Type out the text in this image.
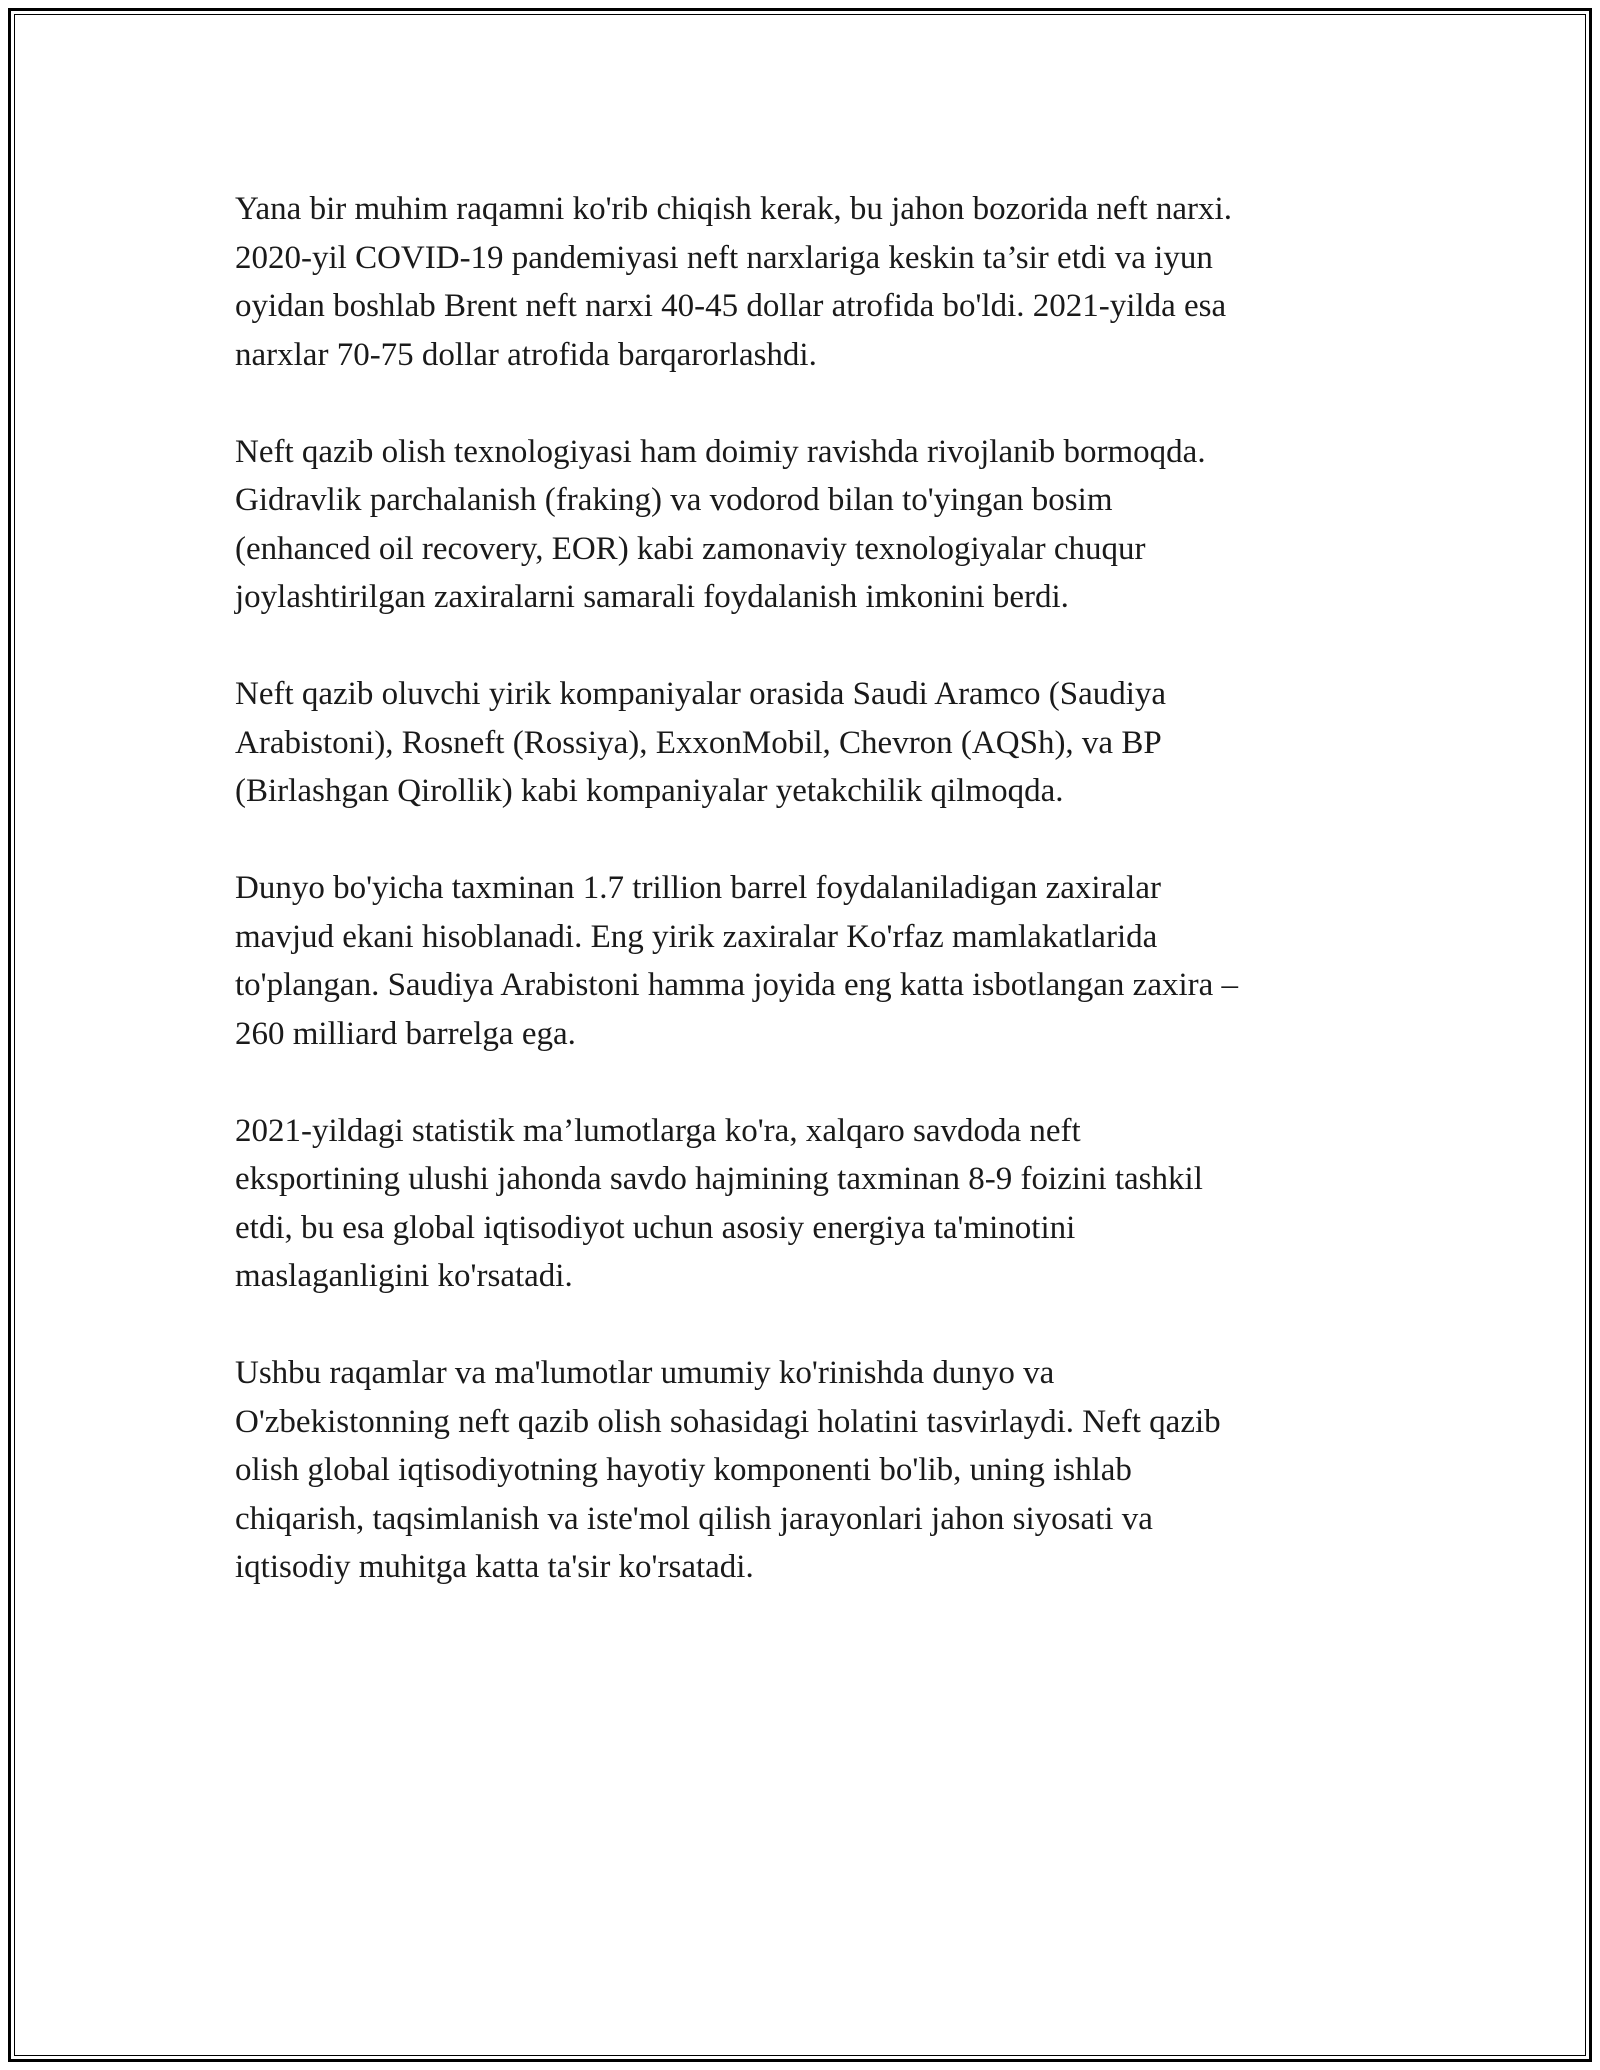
Yana bir muhim raqamni ko'rib chiqish kerak, bu jahon bozorida neft narxi.
2020-yil COVID-19 pandemiyasi neft narxlariga keskin ta’sir etdi va iyun
oyidan boshlab Brent neft narxi 40-45 dollar atrofida bo'ldi. 2021-yilda esa
narxlar 70-75 dollar atrofida barqarorlashdi.

Neft qazib olish texnologiyasi ham doimiy ravishda rivojlanib bormoqda.
Gidravlik parchalanish (fraking) va vodorod bilan to'yingan bosim
(enhanced oil recovery, EOR) kabi zamonaviy texnologiyalar chuqur
joylashtirilgan zaxiralarni samarali foydalanish imkonini berdi.

Neft qazib oluvchi yirik kompaniyalar orasida Saudi Aramco (Saudiya
Arabistoni), Rosneft (Rossiya), ExxonMobil, Chevron (AQSh), va BP
(Birlashgan Qirollik) kabi kompaniyalar yetakchilik qilmoqda.

Dunyo bo'yicha taxminan 1.7 trillion barrel foydalaniladigan zaxiralar
mavjud ekani hisoblanadi. Eng yirik zaxiralar Ko'rfaz mamlakatlarida
to'plangan. Saudiya Arabistoni hamma joyida eng katta isbotlangan zaxira –
260 milliard barrelga ega.

2021-yildagi statistik ma’lumotlarga ko'ra, xalqaro savdoda neft
eksportining ulushi jahonda savdo hajmining taxminan 8-9 foizini tashkil
etdi, bu esa global iqtisodiyot uchun asosiy energiya ta'minotini
maslaganligini ko'rsatadi.

Ushbu raqamlar va ma'lumotlar umumiy ko'rinishda dunyo va
O'zbekistonning neft qazib olish sohasidagi holatini tasvirlaydi. Neft qazib
olish global iqtisodiyotning hayotiy komponenti bo'lib, uning ishlab
chiqarish, taqsimlanish va iste'mol qilish jarayonlari jahon siyosati va
iqtisodiy muhitga katta ta'sir ko'rsatadi.
